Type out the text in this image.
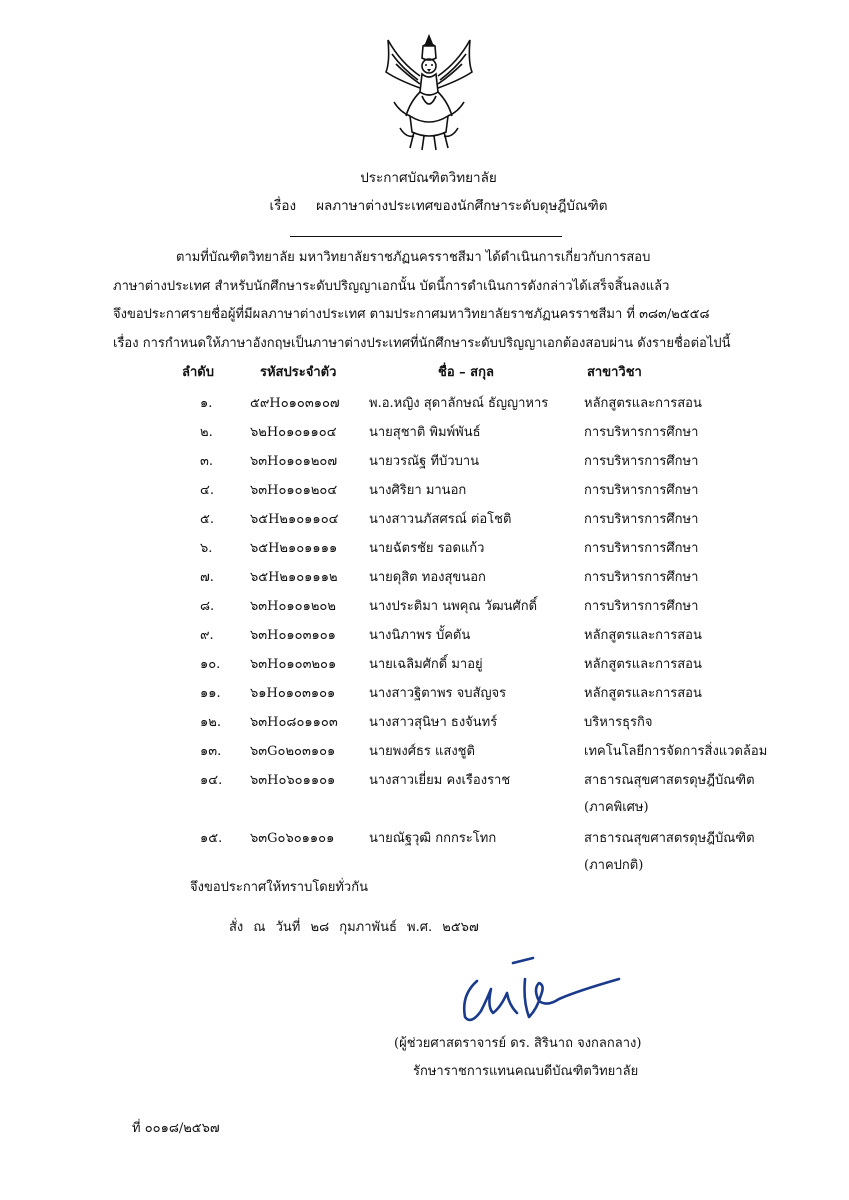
ประกาศบัณฑิตวิทยาลัย
เรื่อง ผลภาษาต่างประเทศของนักศึกษาระดับดุษฎีบัณฑิต

ตามที่บัณฑิตวิทยาลัย มหาวิทยาลัยราชภัฏนครราชสีมา ได้ดำเนินการเกี่ยวกับการสอบ

ภาษาต่างประเทศ สำหรับนักศึกษาระดับปริญญาเอกนั้น บัดนี้การดำเนินการดังกล่าวได้เสร็จสิ้นลงแล้ว

จึงขอประกาศรายชื่อผู้ที่มีผลภาษาต่างประเทศ ตามประกาศมหาวิทยาลัยราชภัฏนครราชสีมา ที่ ๓๘๓/๒๕๕๘

เรื่อง การกำหนดให้ภาษาอังกฤษเป็นภาษาต่างประเทศที่นักศึกษาระดับปริญญาเอกต้องสอบผ่าน ดังรายชื่อต่อไปนี้

ลำดับ	รหัสประจำตัว	ชื่อ – สกุล	สาขาวิชา
๑.	๕๙H๐๑๐๓๑๐๗ พ.อ.หญิง สุดาลักษณ์ ธัญญาหาร	หลักสูตรและการสอน
๒.	๖๒H๐๑๐๑๑๐๔ นายสุชาติ พิมพ์พันธ์	การบริหารการศึกษา
๓.	๖๓H๐๑๐๑๒๐๗ นายวรณัฐ ทีบัวบาน	การบริหารการศึกษา
๔.	๖๓H๐๑๐๑๒๐๔ นางศิริยา มานอก	การบริหารการศึกษา
๕.	๖๕H๒๑๐๑๑๐๔ นางสาวนภัสศรณ์ ต่อโชติ	การบริหารการศึกษา
๖.	๖๕H๒๑๐๑๑๑๑ นายฉัตรชัย รอดแก้ว	การบริหารการศึกษา
๗.	๖๕H๒๑๐๑๑๑๒ นายดุสิต ทองสุขนอก	การบริหารการศึกษา
๘.	๖๓H๐๑๐๑๒๐๒	นางประติมา นพคุณ วัฒนศักดิ์	การบริหารการศึกษา
๙.	๖๓H๐๑๐๓๑๐๑	นางนิภาพร บั้คตัน	หลักสูตรและการสอน
๑๐. ๖๓H๐๑๐๓๒๐๑	นายเฉลิมศักดิ์ มาอยู่	หลักสูตรและการสอน
๑๑. ๖๑H๐๑๐๓๑๐๑	นางสาวฐิตาพร จบสัญจร	หลักสูตรและการสอน
๑๒. ๖๓H๐๘๐๑๑๐๓ นางสาวสุนิษา ธงจันทร์	บริหารธุรกิจ
๑๓. ๖๓G๐๒๐๓๑๐๑	นายพงศ์ธร แสงชูติ	เทคโนโลยีการจัดการสิ่งแวดล้อม
๑๔. ๖๓H๐๖๐๑๑๐๑	นางสาวเยี่ยม คงเรืองราช	สาธารณสุขศาสตรดุษฎีบัณฑิต
(ภาคพิเศษ)
๑๕. ๖๓G๐๖๐๑๑๐๑	นายณัฐวุฒิ กกกระโทก	สาธารณสุขศาสตรดุษฎีบัณฑิต
(ภาคปกติ)
จึงขอประกาศให้ทราบโดยทั่วกัน
สั่ง ณ วันที่ ๒๘ กุมภาพันธ์ พ.ศ. ๒๕๖๗
(ผู้ช่วยศาสตราจารย์ ดร. สิรินาถ จงกลกลาง)
รักษาราชการแทนคณบดีบัณฑิตวิทยาลัย
ที่ ๐๐๑๘/๒๕๖๗
